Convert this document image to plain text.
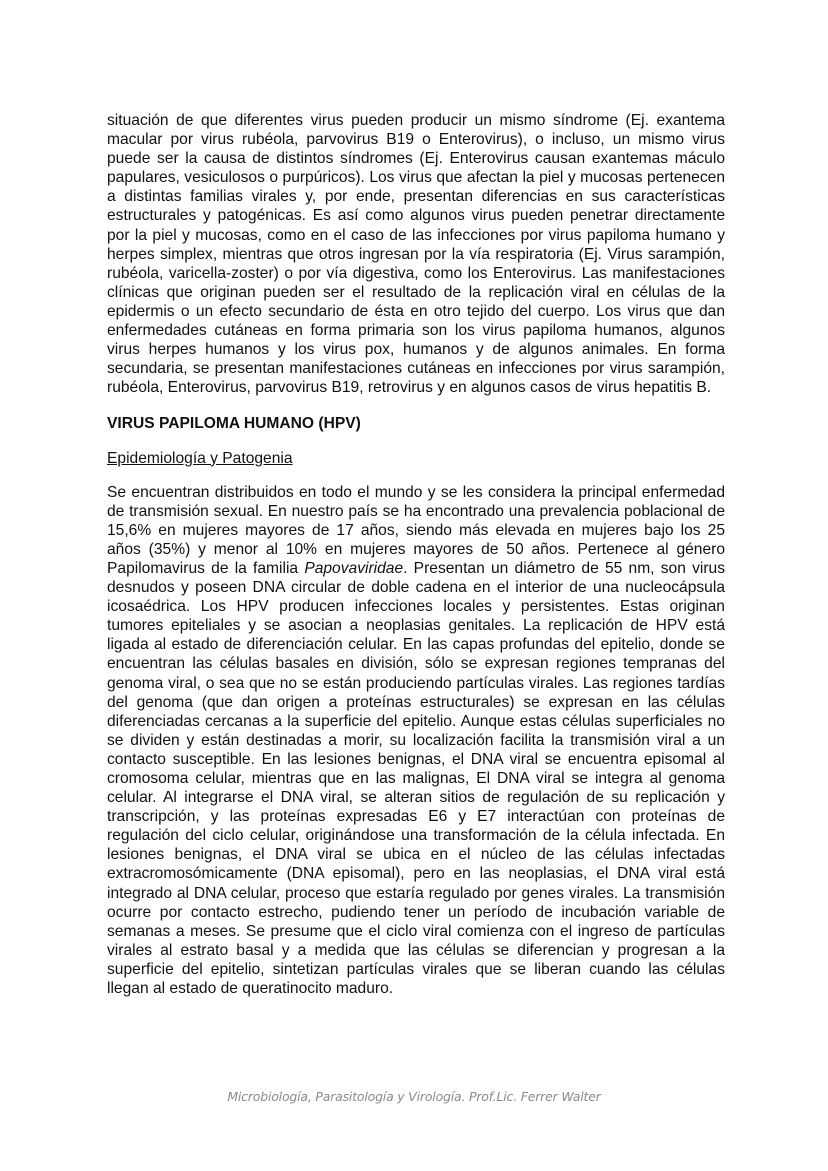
situación de que diferentes virus pueden producir un mismo síndrome (Ej. exantema macular por virus rubéola, parvovirus B19 o Enterovirus), o incluso, un mismo virus puede ser la causa de distintos síndromes (Ej. Enterovirus causan exantemas máculo papulares, vesiculosos o purpúricos). Los virus que afectan la piel y mucosas pertenecen a distintas familias virales y, por ende, presentan diferencias en sus características estructurales y patogénicas. Es así como algunos virus pueden penetrar directamente por la piel y mucosas, como en el caso de las infecciones por virus papiloma humano y herpes simplex, mientras que otros ingresan por la vía respiratoria (Ej. Virus sarampión, rubéola, varicella-zoster) o por vía digestiva, como los Enterovirus. Las manifestaciones clínicas que originan pueden ser el resultado de la replicación viral en células de la epidermis o un efecto secundario de ésta en otro tejido del cuerpo. Los virus que dan enfermedades cutáneas en forma primaria son los virus papiloma humanos, algunos virus herpes humanos y los virus pox, humanos y de algunos animales. En forma secundaria, se presentan manifestaciones cutáneas en infecciones por virus sarampión, rubéola, Enterovirus, parvovirus B19, retrovirus y en algunos casos de virus hepatitis B.

VIRUS PAPILOMA HUMANO (HPV)

Epidemiología y Patogenia

Se encuentran distribuidos en todo el mundo y se les considera la principal enfermedad de transmisión sexual. En nuestro país se ha encontrado una prevalencia poblacional de 15,6% en mujeres mayores de 17 años, siendo más elevada en mujeres bajo los 25 años (35%) y menor al 10% en mujeres mayores de 50 años. Pertenece al género Papilomavirus de la familia Papovaviridae. Presentan un diámetro de 55 nm, son virus desnudos y poseen DNA circular de doble cadena en el interior de una nucleocápsula icosaédrica. Los HPV producen infecciones locales y persistentes. Estas originan tumores epiteliales y se asocian a neoplasias genitales. La replicación de HPV está ligada al estado de diferenciación celular. En las capas profundas del epitelio, donde se encuentran las células basales en división, sólo se expresan regiones tempranas del genoma viral, o sea que no se están produciendo partículas virales. Las regiones tardías del genoma (que dan origen a proteínas estructurales) se expresan en las células diferenciadas cercanas a la superficie del epitelio. Aunque estas células superficiales no se dividen y están destinadas a morir, su localización facilita la transmisión viral a un contacto susceptible. En las lesiones benignas, el DNA viral se encuentra episomal al cromosoma celular, mientras que en las malignas, El DNA viral se integra al genoma celular. Al integrarse el DNA viral, se alteran sitios de regulación de su replicación y transcripción, y las proteínas expresadas E6 y E7 interactúan con proteínas de regulación del ciclo celular, originándose una transformación de la célula infectada. En lesiones benignas, el DNA viral se ubica en el núcleo de las células infectadas extracromosómicamente (DNA episomal), pero en las neoplasias, el DNA viral está integrado al DNA celular, proceso que estaría regulado por genes virales. La transmisión ocurre por contacto estrecho, pudiendo tener un período de incubación variable de semanas a meses. Se presume que el ciclo viral comienza con el ingreso de partículas virales al estrato basal y a medida que las células se diferencian y progresan a la superficie del epitelio, sintetizan partículas virales que se liberan cuando las células llegan al estado de queratinocito maduro.

Microbiología, Parasitología y Virología. Prof.Lic. Ferrer Walter
